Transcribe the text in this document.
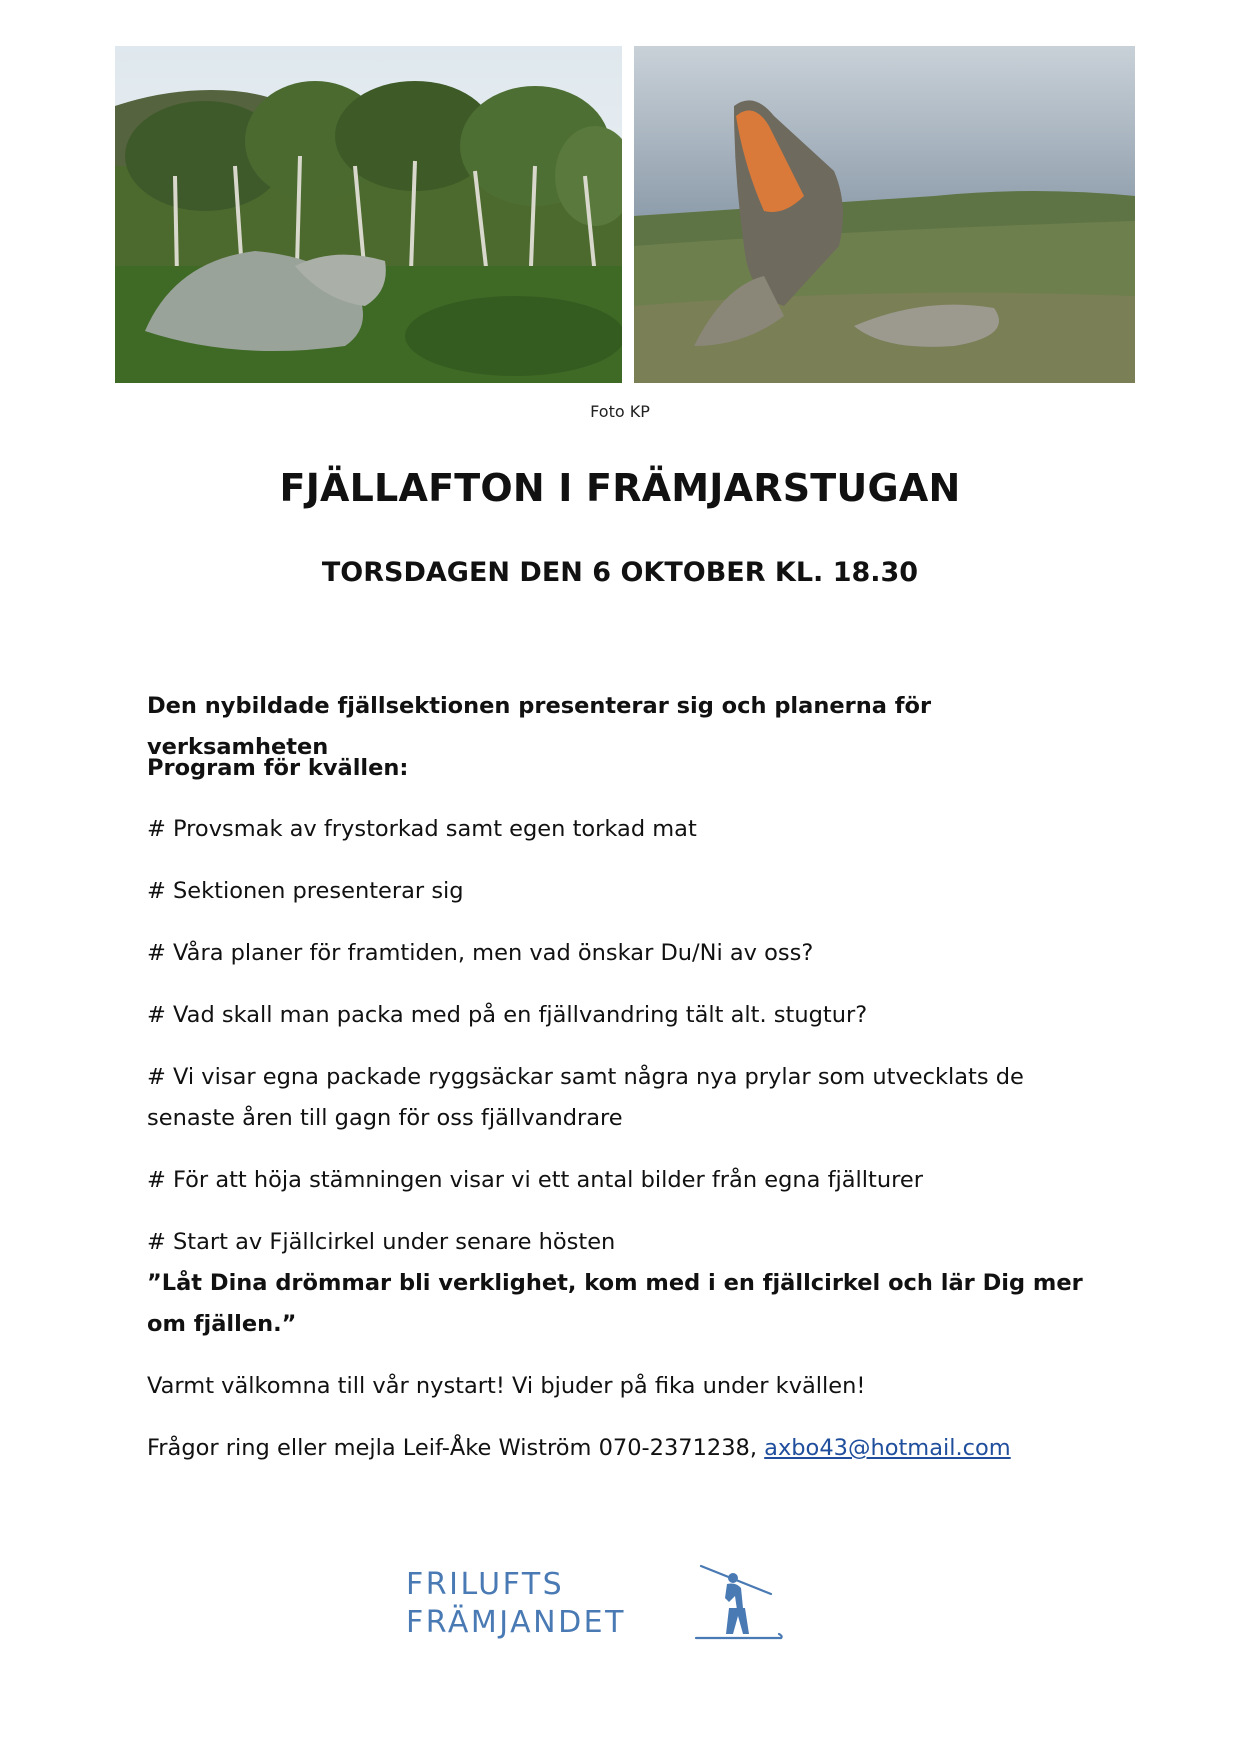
Foto KP
FJÄLLAFTON I FRÄMJARSTUGAN
TORSDAGEN DEN 6 OKTOBER KL. 18.30

Den nybildade fjällsektionen presenterar sig och planerna för verksamheten

Program för kvällen:

# Provsmak av frystorkad samt egen torkad mat

# Sektionen presenterar sig

# Våra planer för framtiden, men vad önskar Du/Ni av oss?

# Vad skall man packa med på en fjällvandring tält alt. stugtur?

# Vi visar egna packade ryggsäckar samt några nya prylar som utvecklats de senaste åren till gagn för oss fjällvandrare

# För att höja stämningen visar vi ett antal bilder från egna fjällturer

# Start av Fjällcirkel under senare hösten

”Låt Dina drömmar bli verklighet, kom med i en fjällcirkel och lär Dig mer om fjällen.”

Varmt välkomna till vår nystart! Vi bjuder på fika under kvällen!

Frågor ring eller mejla Leif-Åke Wiström 070-2371238, axbo43@hotmail.com

FRILUFTS
FRÄMJANDET
